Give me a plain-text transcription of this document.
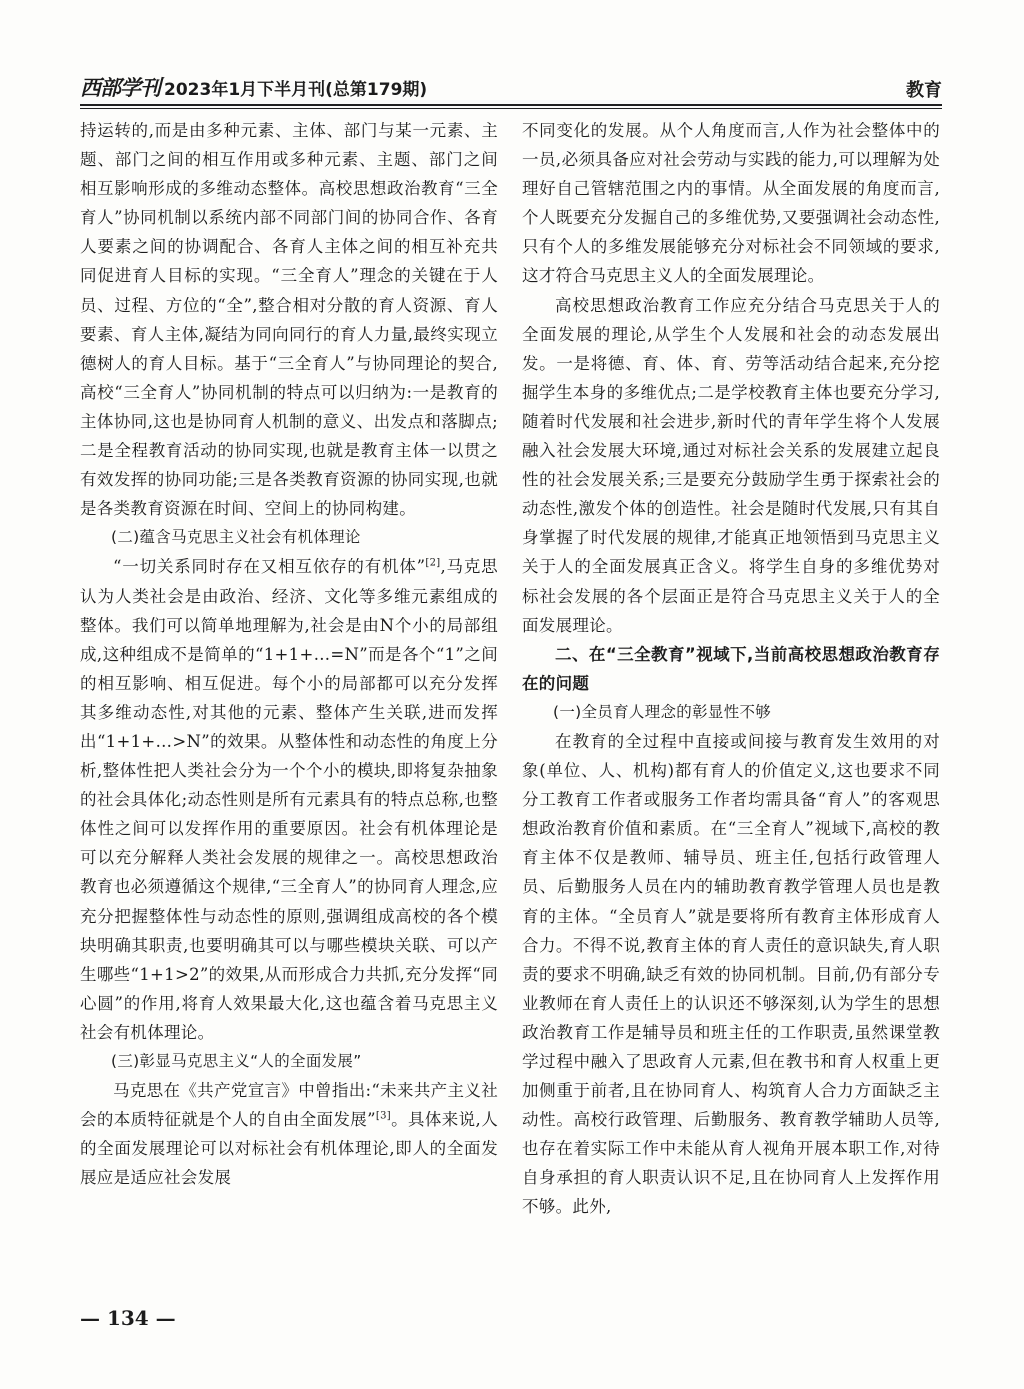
西部学刊 2023年1月下半月刊(总第179期)	教育

持运转的,而是由多种元素、主体、部门与某一元素、主题、部门之间的相互作用或多种元素、主题、部门之间相互影响形成的多维动态整体。高校思想政治教育“三全育人”协同机制以系统内部不同部门间的协同合作、各育人要素之间的协调配合、各育人主体之间的相互补充共同促进育人目标的实现。“三全育人”理念的关键在于人员、过程、方位的“全”,整合相对分散的育人资源、育人要素、育人主体,凝结为同向同行的育人力量,最终实现立德树人的育人目标。基于“三全育人”与协同理论的契合,高校“三全育人”协同机制的特点可以归纳为:一是教育的主体协同,这也是协同育人机制的意义、出发点和落脚点;二是全程教育活动的协同实现,也就是教育主体一以贯之有效发挥的协同功能;三是各类教育资源的协同实现,也就是各类教育资源在时间、空间上的协同构建。

(二)蕴含马克思主义社会有机体理论

“一切关系同时存在又相互依存的有机体”[2],马克思认为人类社会是由政治、经济、文化等多维元素组成的整体。我们可以简单地理解为,社会是由N个小的局部组成,这种组成不是简单的“1+1+…=N”而是各个“1”之间的相互影响、相互促进。每个小的局部都可以充分发挥其多维动态性,对其他的元素、整体产生关联,进而发挥出“1+1+…>N”的效果。从整体性和动态性的角度上分析,整体性把人类社会分为一个个小的模块,即将复杂抽象的社会具体化;动态性则是所有元素具有的特点总称,也整体性之间可以发挥作用的重要原因。社会有机体理论是可以充分解释人类社会发展的规律之一。高校思想政治教育也必须遵循这个规律,“三全育人”的协同育人理念,应充分把握整体性与动态性的原则,强调组成高校的各个模块明确其职责,也要明确其可以与哪些模块关联、可以产生哪些“1+1>2”的效果,从而形成合力共抓,充分发挥“同心圆”的作用,将育人效果最大化,这也蕴含着马克思主义社会有机体理论。

(三)彰显马克思主义“人的全面发展”

马克思在《共产党宣言》中曾指出:“未来共产主义社会的本质特征就是个人的自由全面发展”[3]。具体来说,人的全面发展理论可以对标社会有机体理论,即人的全面发展应是适应社会发展

不同变化的发展。从个人角度而言,人作为社会整体中的一员,必须具备应对社会劳动与实践的能力,可以理解为处理好自己管辖范围之内的事情。从全面发展的角度而言,个人既要充分发掘自己的多维优势,又要强调社会动态性,只有个人的多维发展能够充分对标社会不同领域的要求,这才符合马克思主义人的全面发展理论。

高校思想政治教育工作应充分结合马克思关于人的全面发展的理论,从学生个人发展和社会的动态发展出发。一是将德、育、体、育、劳等活动结合起来,充分挖掘学生本身的多维优点;二是学校教育主体也要充分学习,随着时代发展和社会进步,新时代的青年学生将个人发展融入社会发展大环境,通过对标社会关系的发展建立起良性的社会发展关系;三是要充分鼓励学生勇于探索社会的动态性,激发个体的创造性。社会是随时代发展,只有其自身掌握了时代发展的规律,才能真正地领悟到马克思主义关于人的全面发展真正含义。将学生自身的多维优势对标社会发展的各个层面正是符合马克思主义关于人的全面发展理论。

二、在“三全教育”视域下,当前高校思想政治教育存在的问题

(一)全员育人理念的彰显性不够

在教育的全过程中直接或间接与教育发生效用的对象(单位、人、机构)都有育人的价值定义,这也要求不同分工教育工作者或服务工作者均需具备“育人”的客观思想政治教育价值和素质。在“三全育人”视域下,高校的教育主体不仅是教师、辅导员、班主任,包括行政管理人员、后勤服务人员在内的辅助教育教学管理人员也是教育的主体。“全员育人”就是要将所有教育主体形成育人合力。不得不说,教育主体的育人责任的意识缺失,育人职责的要求不明确,缺乏有效的协同机制。目前,仍有部分专业教师在育人责任上的认识还不够深刻,认为学生的思想政治教育工作是辅导员和班主任的工作职责,虽然课堂教学过程中融入了思政育人元素,但在教书和育人权重上更加侧重于前者,且在协同育人、构筑育人合力方面缺乏主动性。高校行政管理、后勤服务、教育教学辅助人员等,也存在着实际工作中未能从育人视角开展本职工作,对待自身承担的育人职责认识不足,且在协同育人上发挥作用不够。此外,

— 134 —
